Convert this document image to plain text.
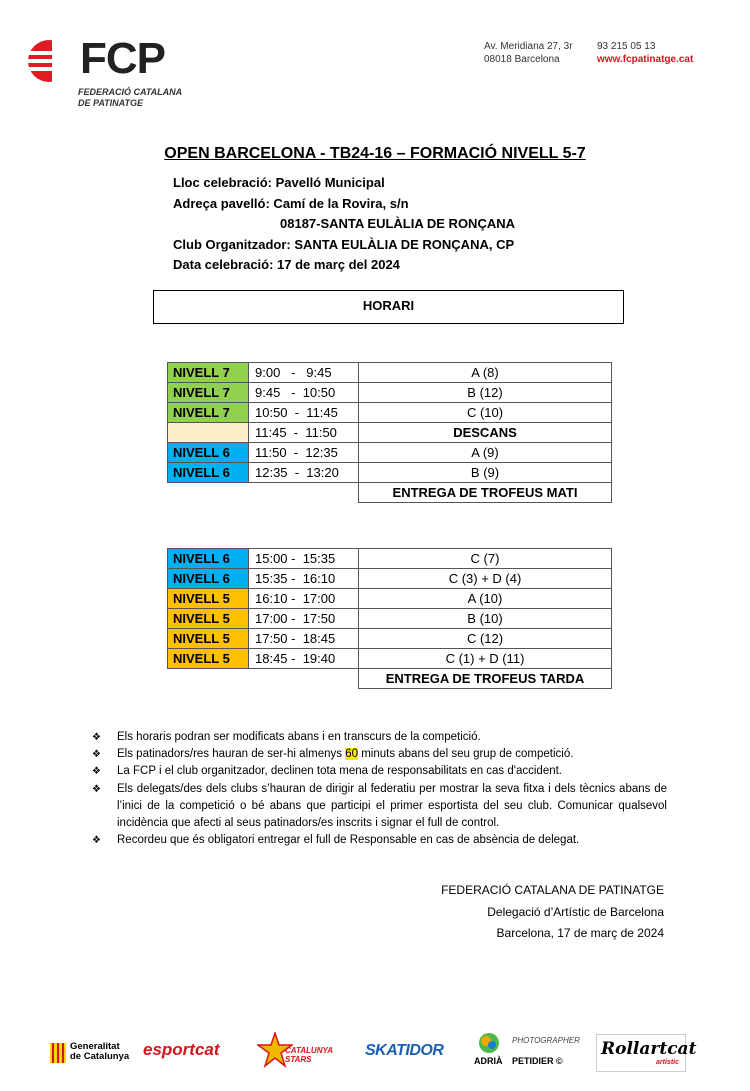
FCP
FEDERACIÓ CATALANA
DE PATINATGE
Av. Meridiana 27, 3r
08018 Barcelona
93 215 05 13
www.fcpatinatge.cat
OPEN BARCELONA - TB24-16 – FORMACIÓ NIVELL 5-7
Lloc celebració: Pavelló Municipal
Adreça pavelló: Camí de la Rovira, s/n
08187-SANTA EULÀLIA DE RONÇANA
Club Organitzador: SANTA EULÀLIA DE RONÇANA, CP
Data celebració: 17 de març del 2024
HORARI
NIVELL 7	9:00   -   9:45	A (8)
NIVELL 7	9:45   -  10:50	B (12)
NIVELL 7	10:50  -  11:45	C (10)
	11:45  -  11:50	DESCANS
NIVELL 6	11:50  -  12:35	A (9)
NIVELL 6	12:35  -  13:20	B (9)
		ENTREGA DE TROFEUS MATI
NIVELL 6	15:00 -  15:35	C (7)
NIVELL 6	15:35 -  16:10	C (3) + D (4)
NIVELL 5	16:10 -  17:00	A (10)
NIVELL 5	17:00 -  17:50	B (10)
NIVELL 5	17:50 -  18:45	C (12)
NIVELL 5	18:45 -  19:40	C (1) + D (11)
		ENTREGA DE TROFEUS TARDA
❖ Els horaris podran ser modificats abans i en transcurs de la competició.
❖ Els patinadors/res hauran de ser-hi almenys 60 minuts abans del seu grup de competició.
❖ La FCP i el club organitzador, declinen tota mena de responsabilitats en cas d'accident.
❖ Els delegats/des dels clubs s’hauran de dirigir al federatiu per mostrar la seva fitxa i dels tècnics abans de l’inici de la competició o bé abans que participi el primer esportista del seu club. Comunicar qualsevol incidència que afecti al seus patinadors/es inscrits i signar el full de control.
❖ Recordeu que és obligatori entregar el full de Responsable en cas de absència de delegat.
FEDERACIÓ CATALANA DE PATINATGE
Delegació d’Artístic de Barcelona
Barcelona, 17 de març de 2024
Generalitat
de Catalunya esportcat	CATALUNYA STARS
SKATIDOR
ADRIÀ
PHOTOGRAPHER
PETIDIER ©
Rollartcat
artistic
